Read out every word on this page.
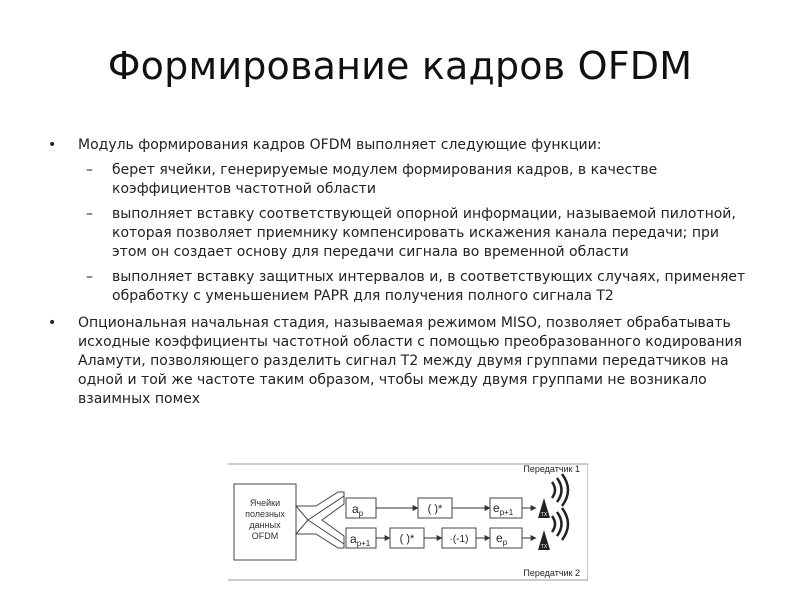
Формирование кадров OFDM
• Модуль формирования кадров OFDM выполняет следующие функции:
– берет ячейки, генерируемые модулем формирования кадров, в качестве коэффициентов частотной области
– выполняет вставку соответствующей опорной информации, называемой пилотной, которая позволяет приемнику компенсировать искажения канала передачи; при этом он создает основу для передачи сигнала во временной области
– выполняет вставку защитных интервалов и, в соответствующих случаях, применяет обработку с уменьшением PAPR для получения полного сигнала T2
• Опциональная начальная стадия, называемая режимом MISO, позволяет обрабатывать исходные коэффициенты частотной области с помощью преобразованного кодирования Аламути, позволяющего разделить сигнал T2 между двумя группами передатчиков на одной и той же частоте таким образом, чтобы между двумя группами не возникало взаимных помех
Ячейки
полезных
данных
OFDM
$a_p$
$a_{p+1}$
( )*
( )*	·(-1)
$e_{p+1}$
$e_p$
TX
TX
Передатчик 1
Передатчик 2
